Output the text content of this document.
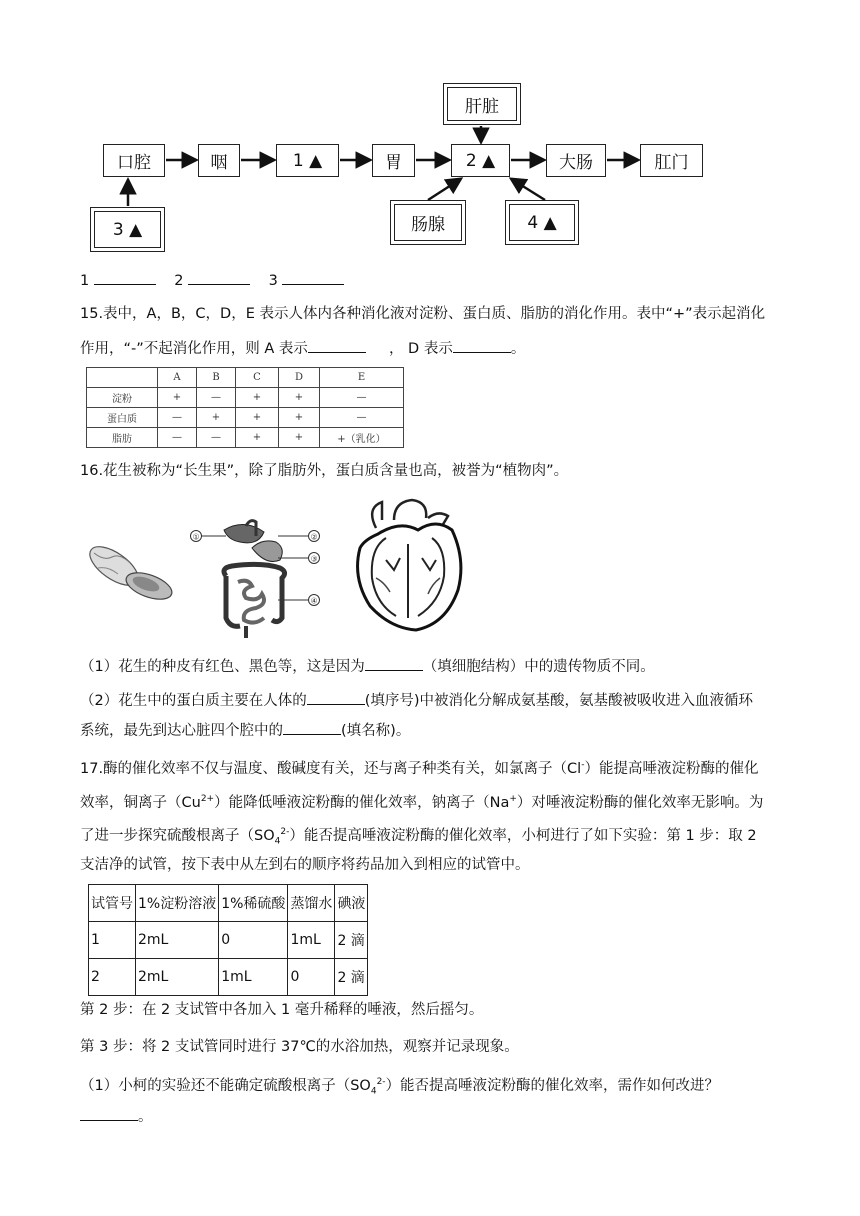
口腔	咽	1 ▲	胃	2 ▲	大肠	肛门
肝脏
3 ▲	肠腺	4 ▲
1	2	3
15.表中，A，B，C，D，E 表示人体内各种消化液对淀粉、蛋白质、脂肪的消化作用。表中“+”表示起消化
作用，“-”不起消化作用，则 A 表示	， D 表示	。
	A	B	C	D	E
淀粉	+	—	+	+	—
蛋白质	—	+	+	+	—
脂肪	—	—	+	+	+（乳化）
16.花生被称为“长生果”，除了脂肪外，蛋白质含量也高，被誉为“植物肉”。
①	②
③
④
（1）花生的种皮有红色、黑色等，这是因为	（填细胞结构）中的遗传物质不同。
（2）花生中的蛋白质主要在人体的	(填序号)中被消化分解成氨基酸，氨基酸被吸收进入血液循环
系统，最先到达心脏四个腔中的	(填名称)。
17.酶的催化效率不仅与温度、酸碱度有关，还与离子种类有关，如氯离子（Cl-）能提高唾液淀粉酶的催化
效率，铜离子$(Cu^{2+})$能降低唾液淀粉酶的催化效率，钠离子（Na+）对唾液淀粉酶的催化效率无影响。为
了进一步探究硫酸根离子$(SO_4^{2-})$能否提高唾液淀粉酶的催化效率，小柯进行了如下实验：第 1 步：取 2
支洁净的试管，按下表中从左到右的顺序将药品加入到相应的试管中。
试管号	1%淀粉溶液	1%稀硫酸	蒸馏水	碘液
1	2mL	0	1mL	2 滴
2	2mL	1mL	0	2 滴
第 2 步：在 2 支试管中各加入 1 毫升稀释的唾液，然后摇匀。
第 3 步：将 2 支试管同时进行 37℃的水浴加热，观察并记录现象。
（1）小柯的实验还不能确定硫酸根离子$(SO_4^{2-})$能否提高唾液淀粉酶的催化效率，需作如何改进？
。
